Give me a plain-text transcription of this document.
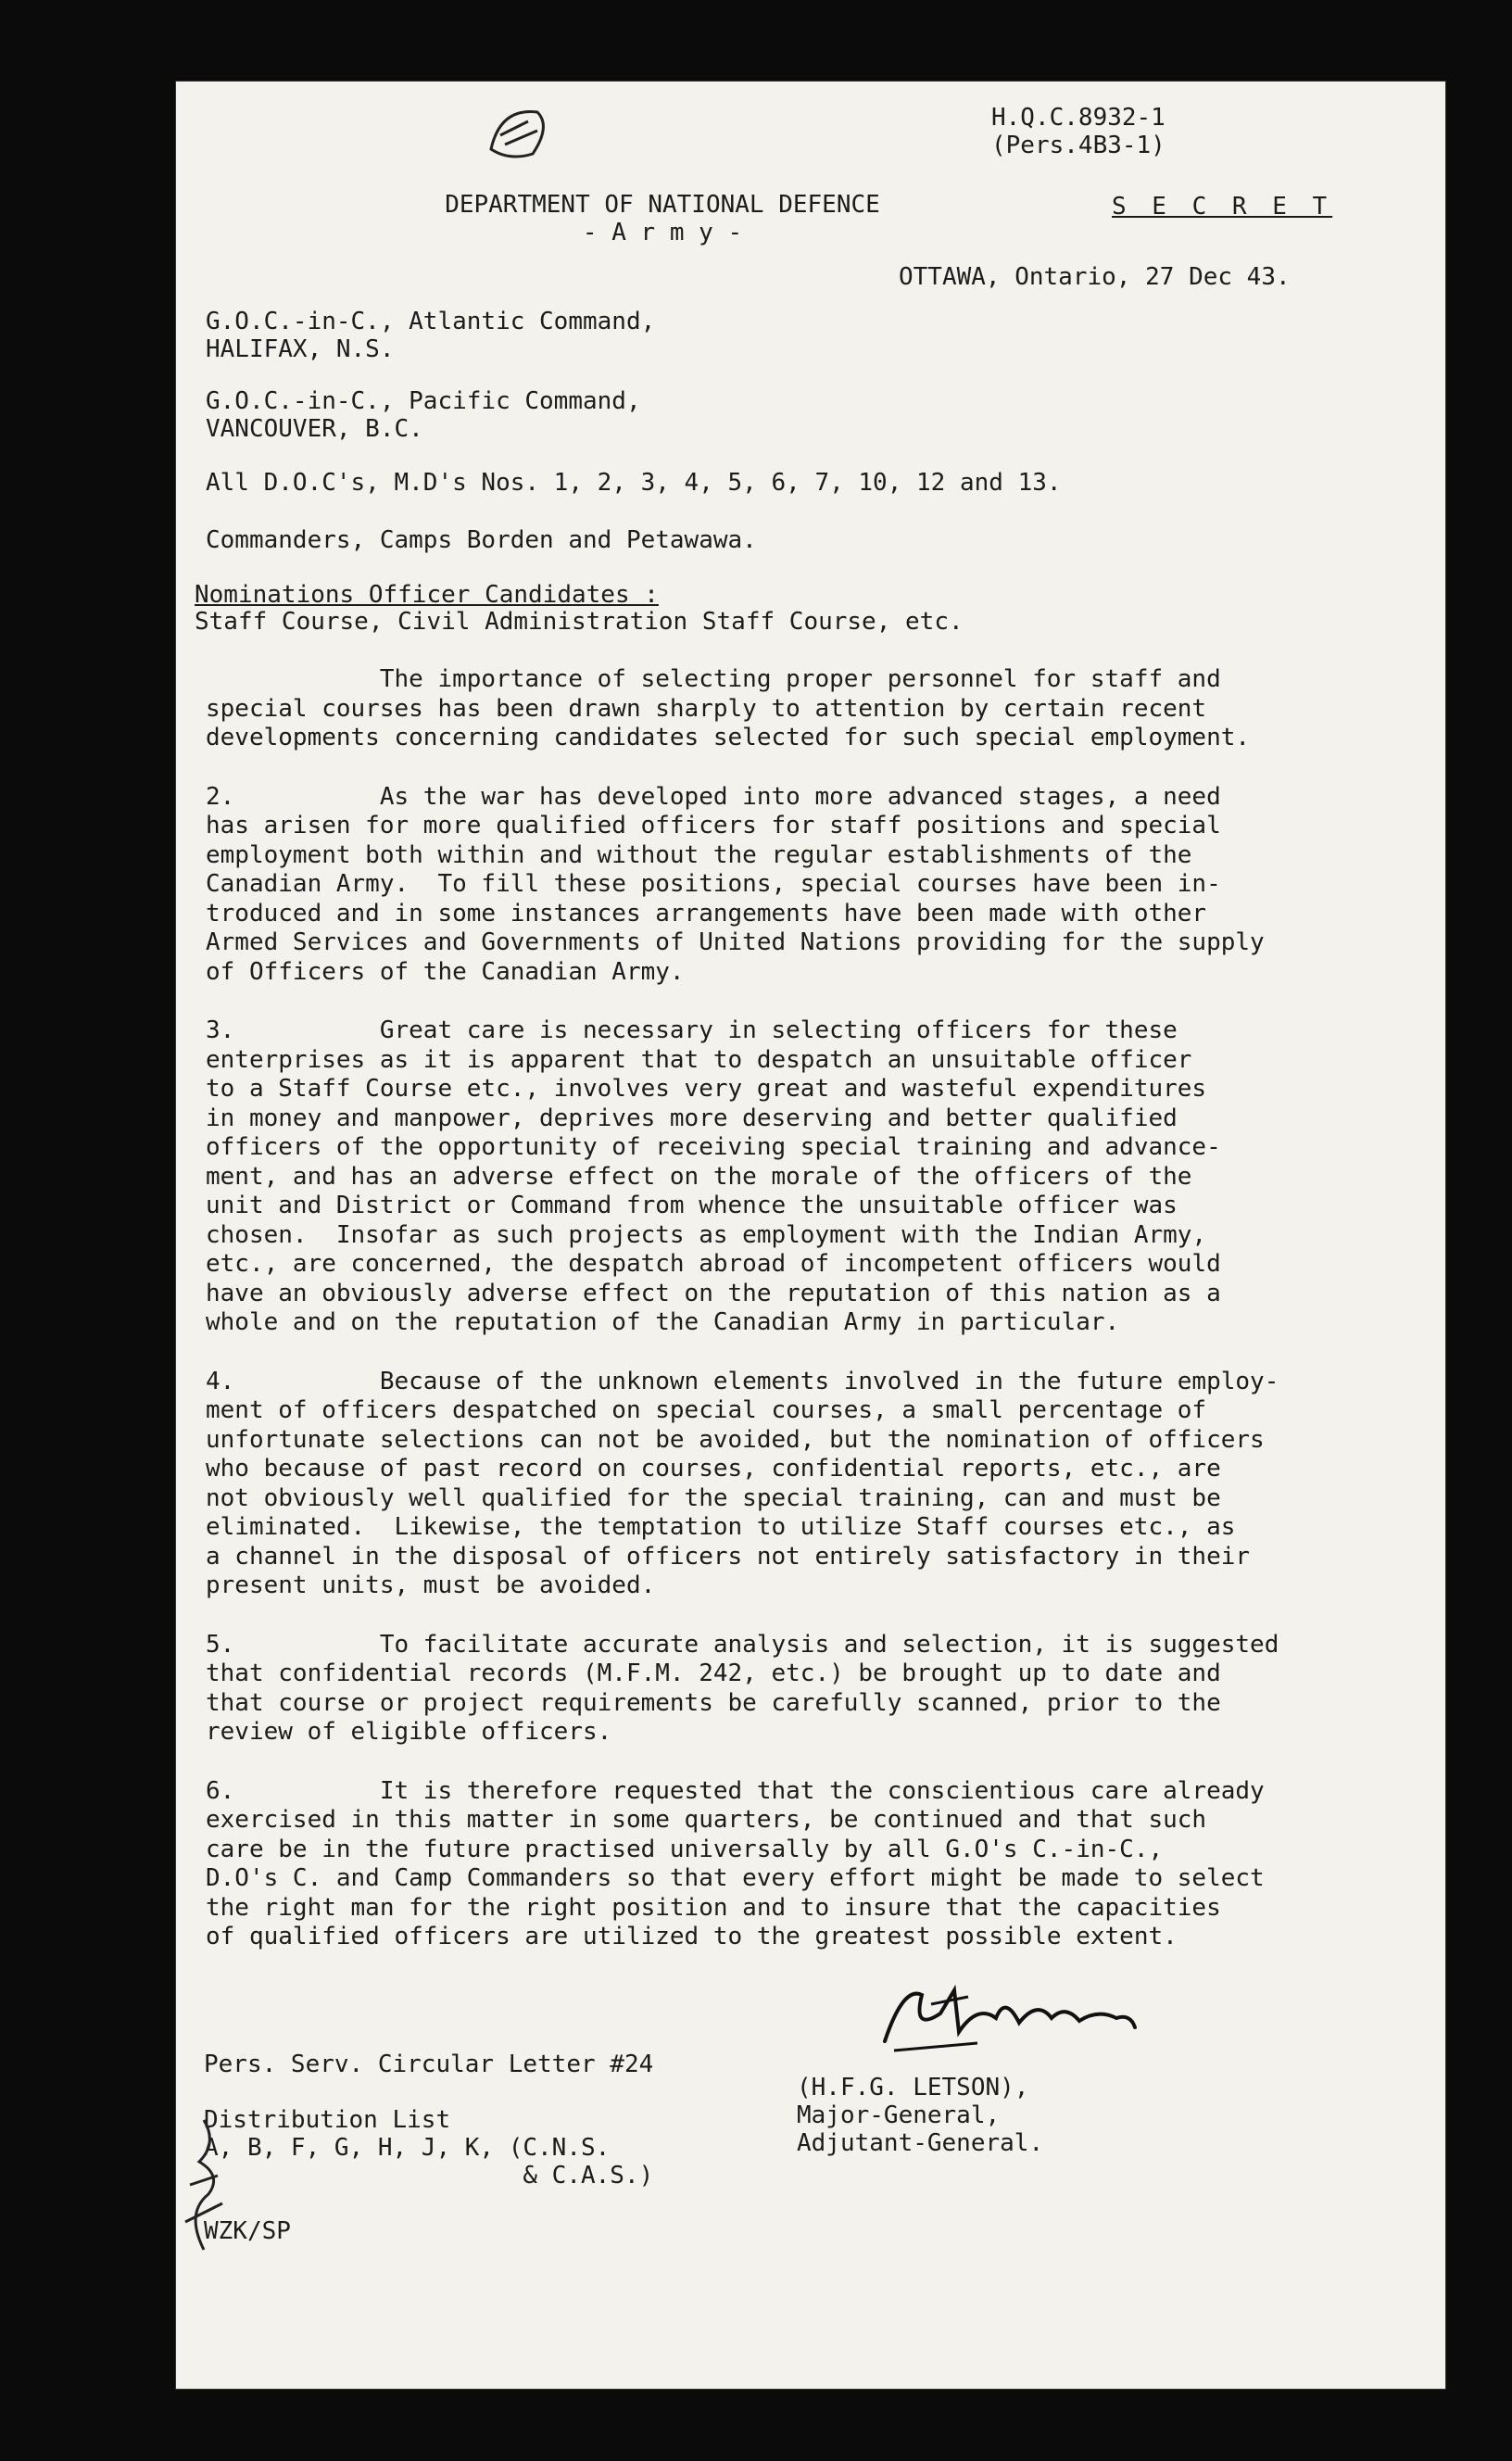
H.Q.C.8932-1
(Pers.4B3-1)
DEPARTMENT OF NATIONAL DEFENCE
- A r m y -
S E C R E T
OTTAWA, Ontario, 27 Dec 43.
G.O.C.-in-C., Atlantic Command,
HALIFAX, N.S.
G.O.C.-in-C., Pacific Command,
VANCOUVER, B.C.
All D.O.C's, M.D's Nos. 1, 2, 3, 4, 5, 6, 7, 10, 12 and 13.
Commanders, Camps Borden and Petawawa.
Nominations Officer Candidates :
Staff Course, Civil Administration Staff Course, etc.
The importance of selecting proper personnel for staff and
special courses has been drawn sharply to attention by certain recent
developments concerning candidates selected for such special employment.
2.          As the war has developed into more advanced stages, a need
has arisen for more qualified officers for staff positions and special
employment both within and without the regular establishments of the
Canadian Army.  To fill these positions, special courses have been in-
troduced and in some instances arrangements have been made with other
Armed Services and Governments of United Nations providing for the supply
of Officers of the Canadian Army.
3.          Great care is necessary in selecting officers for these
enterprises as it is apparent that to despatch an unsuitable officer
to a Staff Course etc., involves very great and wasteful expenditures
in money and manpower, deprives more deserving and better qualified
officers of the opportunity of receiving special training and advance-
ment, and has an adverse effect on the morale of the officers of the
unit and District or Command from whence the unsuitable officer was
chosen.  Insofar as such projects as employment with the Indian Army,
etc., are concerned, the despatch abroad of incompetent officers would
have an obviously adverse effect on the reputation of this nation as a
whole and on the reputation of the Canadian Army in particular.
4.          Because of the unknown elements involved in the future employ-
ment of officers despatched on special courses, a small percentage of
unfortunate selections can not be avoided, but the nomination of officers
who because of past record on courses, confidential reports, etc., are
not obviously well qualified for the special training, can and must be
eliminated.  Likewise, the temptation to utilize Staff courses etc., as
a channel in the disposal of officers not entirely satisfactory in their
present units, must be avoided.
5.          To facilitate accurate analysis and selection, it is suggested
that confidential records (M.F.M. 242, etc.) be brought up to date and
that course or project requirements be carefully scanned, prior to the
review of eligible officers.
6.          It is therefore requested that the conscientious care already
exercised in this matter in some quarters, be continued and that such
care be in the future practised universally by all G.O's C.-in-C.,
D.O's C. and Camp Commanders so that every effort might be made to select
the right man for the right position and to insure that the capacities
of qualified officers are utilized to the greatest possible extent.
(H.F.G. LETSON),
Major-General,
Adjutant-General.
Pers. Serv. Circular Letter #24

Distribution List
A, B, F, G, H, J, K, (C.N.S.
& C.A.S.)

WZK/SP
